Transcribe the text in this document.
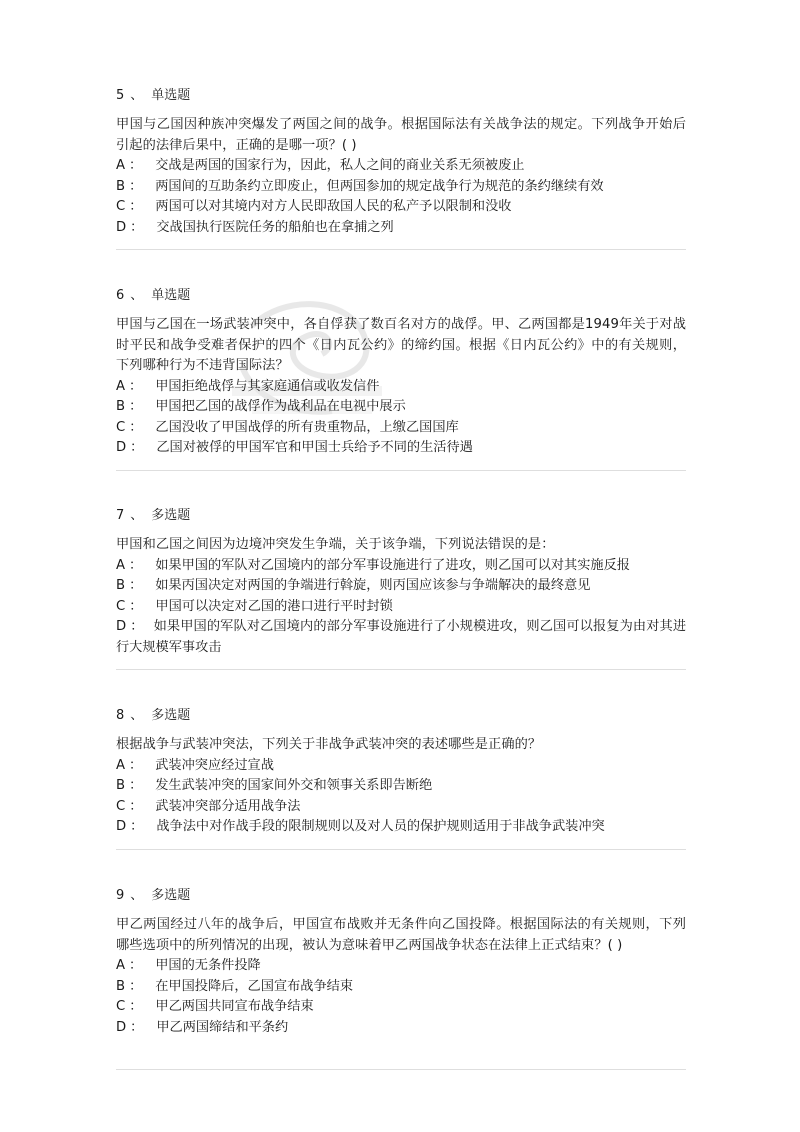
5 、 单选题
甲国与乙国因种族冲突爆发了两国之间的战争。根据国际法有关战争法的规定。下列战争开始后引起的法律后果中，正确的是哪一项？( )
A ： 交战是两国的国家行为，因此，私人之间的商业关系无须被废止
B ： 两国间的互助条约立即废止，但两国参加的规定战争行为规范的条约继续有效
C ： 两国可以对其境内对方人民即敌国人民的私产予以限制和没收
D ： 交战国执行医院任务的船舶也在拿捕之列
6 、 单选题
甲国与乙国在一场武装冲突中，各自俘获了数百名对方的战俘。甲、乙两国都是1949年关于对战时平民和战争受难者保护的四个《日内瓦公约》的缔约国。根据《日内瓦公约》中的有关规则，下列哪种行为不违背国际法？
A ： 甲国拒绝战俘与其家庭通信或收发信件
B ： 甲国把乙国的战俘作为战利品在电视中展示
C ： 乙国没收了甲国战俘的所有贵重物品，上缴乙国国库
D ： 乙国对被俘的甲国军官和甲国士兵给予不同的生活待遇
7 、 多选题
甲国和乙国之间因为边境冲突发生争端，关于该争端，下列说法错误的是：
A ： 如果甲国的军队对乙国境内的部分军事设施进行了进攻，则乙国可以对其实施反报
B ： 如果丙国决定对两国的争端进行斡旋，则丙国应该参与争端解决的最终意见
C ： 甲国可以决定对乙国的港口进行平时封锁
D ： 如果甲国的军队对乙国境内的部分军事设施进行了小规模进攻，则乙国可以报复为由对其进行大规模军事攻击
8 、 多选题
根据战争与武装冲突法，下列关于非战争武装冲突的表述哪些是正确的？
A ： 武装冲突应经过宣战
B ： 发生武装冲突的国家间外交和领事关系即告断绝
C ： 武装冲突部分适用战争法
D ： 战争法中对作战手段的限制规则以及对人员的保护规则适用于非战争武装冲突
9 、 多选题
甲乙两国经过八年的战争后，甲国宣布战败并无条件向乙国投降。根据国际法的有关规则，下列哪些选项中的所列情况的出现，被认为意味着甲乙两国战争状态在法律上正式结束？( )
A ： 甲国的无条件投降
B ： 在甲国投降后，乙国宣布战争结束
C ： 甲乙两国共同宣布战争结束
D ： 甲乙两国缔结和平条约
